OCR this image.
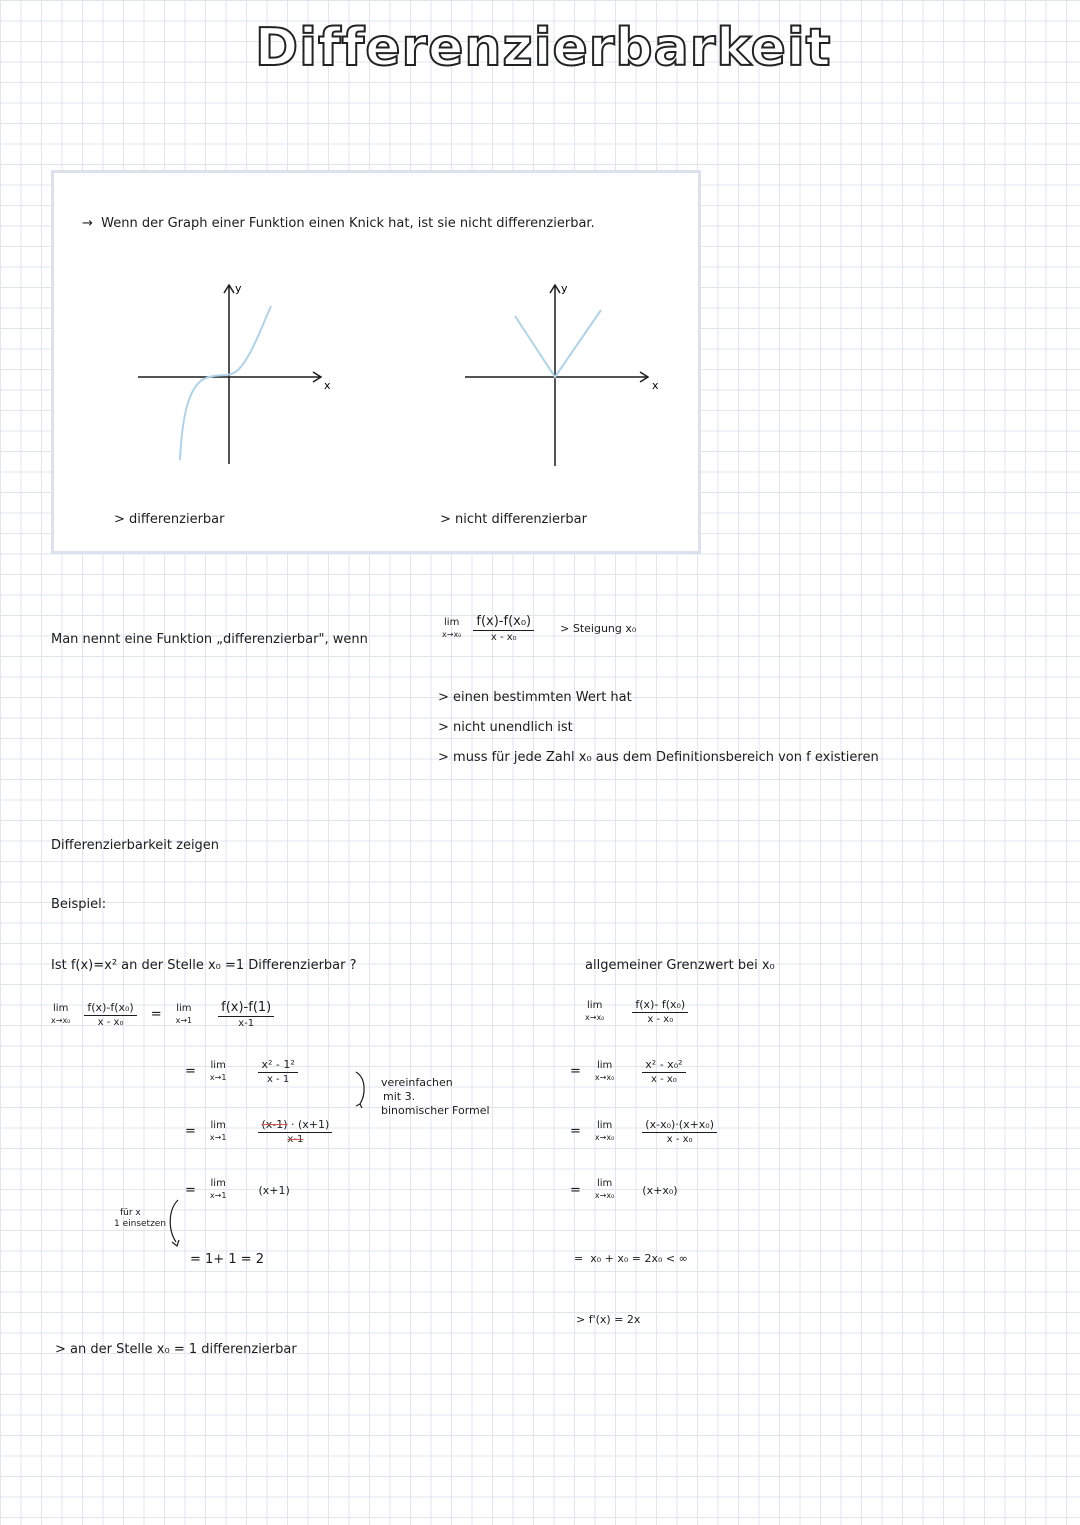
Differenzierbarkeit
→  Wenn der Graph einer Funktion einen Knick hat, ist sie nicht differenzierbar.
y
x
y
x
> differenzierbar	> nicht differenzierbar
Man nennt eine Funktion „differenzierbar", wenn
lim
$x\to x_0 \frac{\text{f(x)-f(x₀)}}{\text{x - x₀}}$ > Steigung x₀
> einen bestimmten Wert hat
> nicht unendlich ist
> muss für jede Zahl x₀ aus dem Definitionsbereich von f existieren
Differenzierbarkeit zeigen
Beispiel:
Ist f(x)=x² an der Stelle x₀ =1 Differenzierbar ?	allgemeiner Grenzwert bei x₀
lim
$x\to x_0 \frac{\text{f(x)-f(x₀)}}{\text{x - x₀}} = \lim$
$x\to 1 \frac{f(x)-f(1)}{x-1}$
= lim
x→1	$\frac{\text{x² - 1²}}{x - 1}$
= lim
x→1	$\frac{(x-1) \cdot (x+1)}{x-1}$
= lim
x→1	(x+1)
= 1+ 1 = 2
vereinfachen
mit 3.
binomischer Formel
für x
1 einsetzen
> an der Stelle x₀ = 1 differenzierbar
lim
x→x₀	$\frac{\text{f(x)- f(x₀)}}{\text{x - x₀}}$
= lim
x→x₀	$\frac{\text{x² - x₀²}}{\text{x - x₀}}$
= lim
x→x₀	$\frac{\text{(x-x₀)·(x+x₀)}}{\text{x - x₀}}$
= lim
x→x₀	(x+x₀)
=  x₀ + x₀ = 2x₀ < ∞
> f'(x) = 2x
